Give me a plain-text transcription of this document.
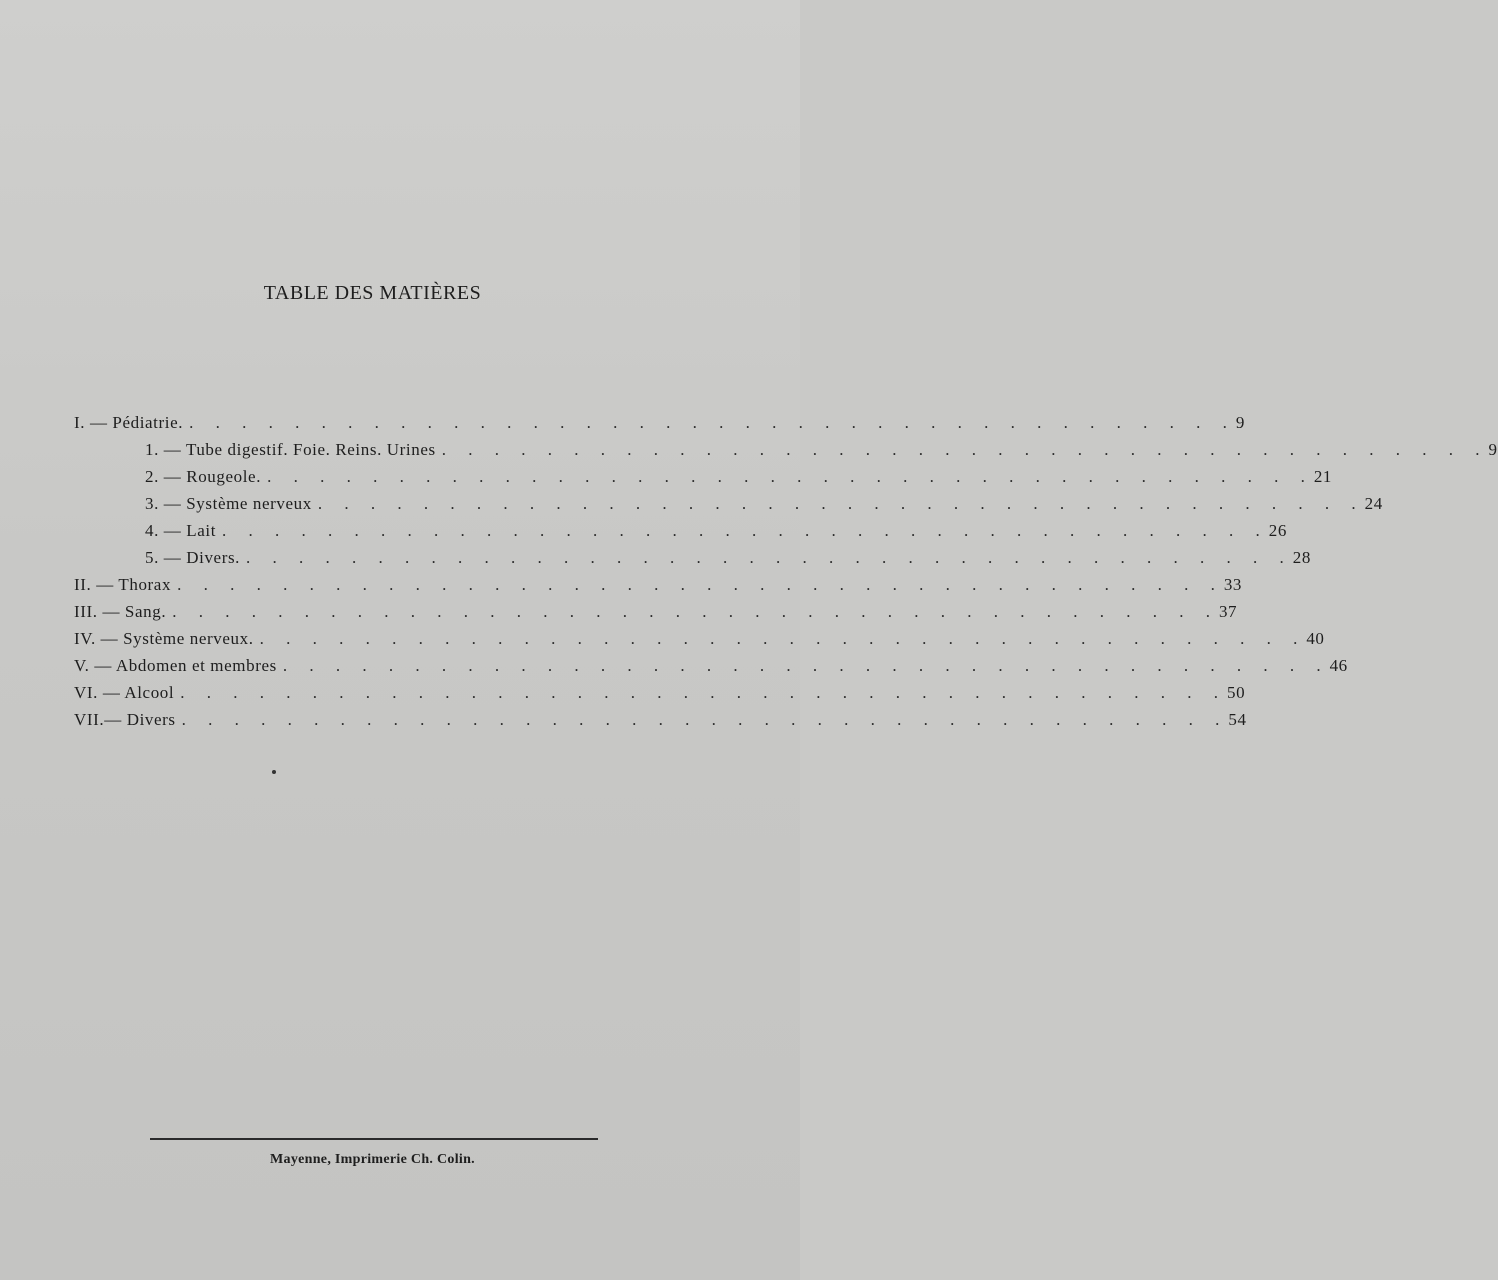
TABLE DES MATIÈRES
I. — Pédiatrie. . . . . . . . . . . . . . . . . . . . . . . . . . . . . . . . . . . . . . . . . 9
1. — Tube digestif. Foie. Reins. Urines . . . . . . . . . . . . . . . . . . . . . . . . . . . . . . . . . . . . . . . . 9
2. — Rougeole. . . . . . . . . . . . . . . . . . . . . . . . . . . . . . . . . . . . . . . . . 21
3. — Système nerveux . . . . . . . . . . . . . . . . . . . . . . . . . . . . . . . . . . . . . . . . 24
4. — Lait . . . . . . . . . . . . . . . . . . . . . . . . . . . . . . . . . . . . . . . . 26
5. — Divers. . . . . . . . . . . . . . . . . . . . . . . . . . . . . . . . . . . . . . . . . 28
II. — Thorax . . . . . . . . . . . . . . . . . . . . . . . . . . . . . . . . . . . . . . . . 33
III. — Sang. . . . . . . . . . . . . . . . . . . . . . . . . . . . . . . . . . . . . . . . . 37
IV. — Système nerveux. . . . . . . . . . . . . . . . . . . . . . . . . . . . . . . . . . . . . . . . . 40
V. — Abdomen et membres . . . . . . . . . . . . . . . . . . . . . . . . . . . . . . . . . . . . . . . . 46
VI. — Alcool . . . . . . . . . . . . . . . . . . . . . . . . . . . . . . . . . . . . . . . . 50
VII.— Divers . . . . . . . . . . . . . . . . . . . . . . . . . . . . . . . . . . . . . . . . 54
Mayenne, Imprimerie Ch. Colin.
